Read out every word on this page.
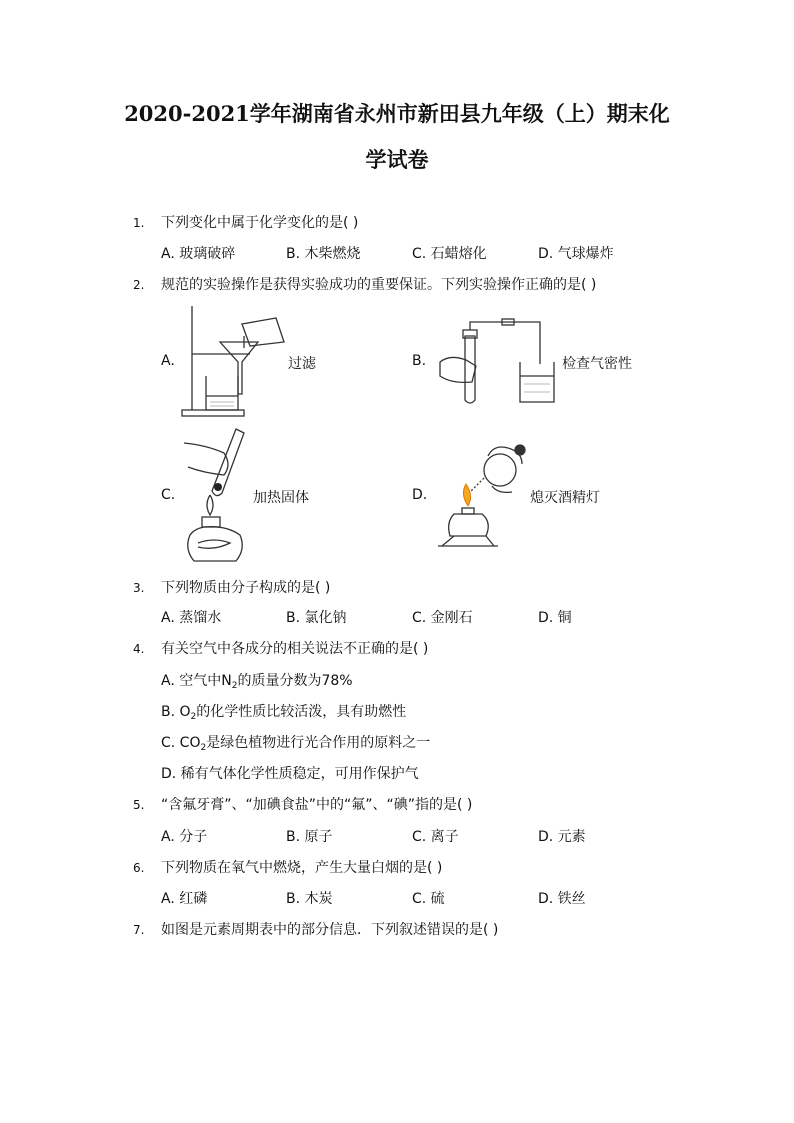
2020-2021学年湖南省永州市新田县九年级（上）期末化
学试卷
1. 下列变化中属于化学变化的是( )
A. 玻璃破碎	B. 木柴燃烧	C. 石蜡熔化	D. 气球爆炸
2. 规范的实验操作是获得实验成功的重要保证。下列实验操作正确的是( )
A.	过滤	B.	检查气密性
C.	加热固体	D.	熄灭酒精灯
3. 下列物质由分子构成的是( )
A. 蒸馏水	B. 氯化钠	C. 金刚石	D. 铜
4. 有关空气中各成分的相关说法不正确的是( )
A. 空气中$N_2$的质量分数为78%
B. $O_2$的化学性质比较活泼，具有助燃性
C. $CO_2$是绿色植物进行光合作用的原料之一
D. 稀有气体化学性质稳定，可用作保护气
5. “含氟牙膏”、“加碘食盐”中的“氟”、“碘”指的是( )
A. 分子	B. 原子	C. 离子	D. 元素
6. 下列物质在氧气中燃烧，产生大量白烟的是( )
A. 红磷	B. 木炭	C. 硫	D. 铁丝
7. 如图是元素周期表中的部分信息．下列叙述错误的是( )
